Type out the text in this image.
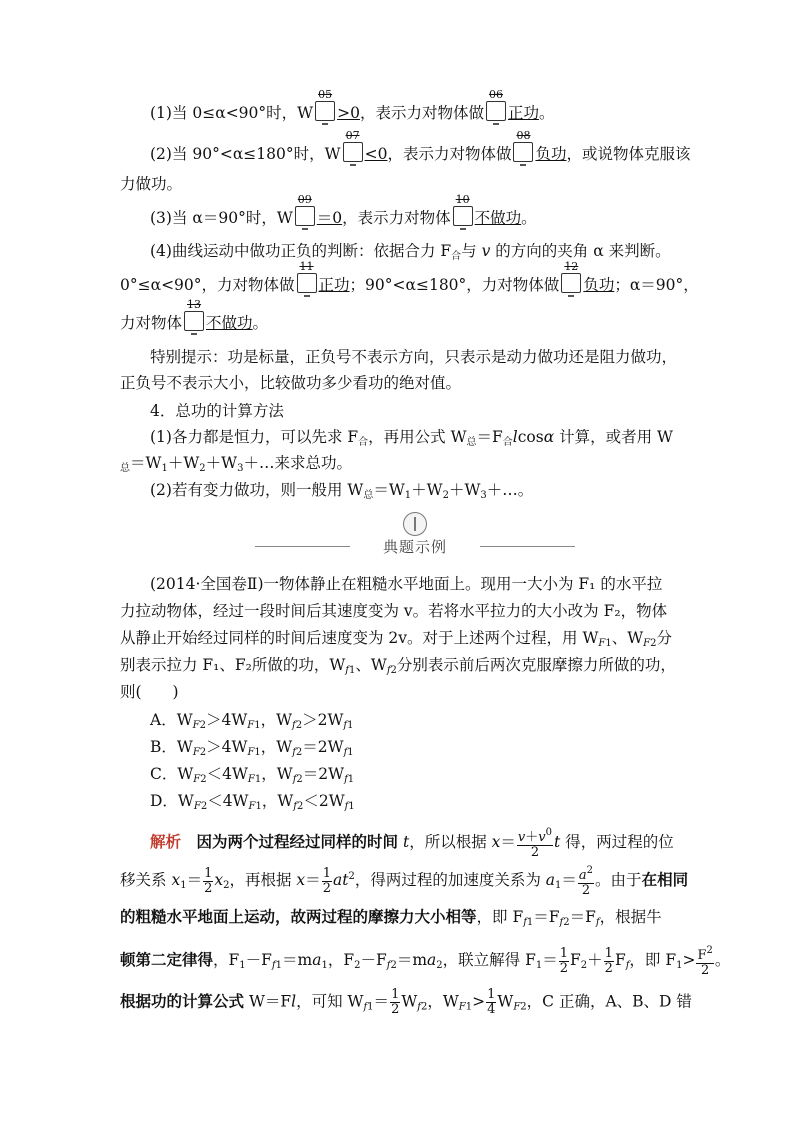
(1)当 0≤α<90°时，W
05
>0，表示力对物体做
06
正功。
(2)当 90°<α≤180°时，W
07
<0，表示力对物体做
08
负功，或说物体克服该
力做功。
(3)当 α＝90°时，W
09
＝0，表示力对物体
10
不做功。
(4)曲线运动中做功正负的判断：依据合力 $F_合$与 v 的方向的夹角 α 来判断。
0°≤α<90°，力对物体做
11
正功；90°<α≤180°，力对物体做
12
负功；α＝90°，
力对物体
13
不做功。
特别提示：功是标量，正负号不表示方向，只表示是动力做功还是阻力做功，
正负号不表示大小，比较做功多少看功的绝对值。
4．总功的计算方法
(1)各力都是恒力，可以先求 $F_合$，再用公式 $W_总=F_合lcos\alpha$ 计算，或者用 W
$_总=W_1+W_2+W_3+\dots$来求总功。
(2)若有变力做功，则一般用 $W_总=W_1+W_2+W_3+\dots$。
典题示例
(2014·全国卷Ⅱ)一物体静止在粗糙水平地面上。现用一大小为 F₁ 的水平拉
力拉动物体，经过一段时间后其速度变为 v。若将水平拉力的大小改为 F₂，物体
从静止开始经过同样的时间后速度变为 2v。对于上述两个过程，用 $W_{F1}$、$W_{F2}$分
别表示拉力 F₁、F₂所做的功，$W_{f1}$、$W_{f2}$分别表示前后两次克服摩擦力所做的功，
则(　　)
A．$W_{F2}>4W_{F1}$，$W_{f2}>2W_{f1}$
B．$W_{F2}>4W_{F1}$，$W_{f2}=2W_{f1}$
C．$W_{F2}<4W_{F1}$，$W_{f2}=2W_{f1}$
D．$W_{F2}<4W_{F1}$，$W_{f2}<2W_{f1}$
解析　 因为两个过程经过同样的时间 t，所以根据 $x= \frac{v+v^0}{2}$ t 得，两过程的位
移关系 $x_1= \frac{1}{2} x_2$，再根据 $x= \frac{1}{2} at^2$，得两过程的加速度关系为 $a_1= \frac{a^2}{2}$ 。由于在相同
的粗糙水平地面上运动，故两过程的摩擦力大小相等，即 $F_{f1}=F_{f2}=F_f$，根据牛
顿第二定律得，$F_1-F_{f1}=ma_1$，$F_2-F_{f2}=ma_2$，联立解得 $F_1= \frac{1}{2} F_2+ \frac{1}{2} F_f$，即 $F_1> \frac{F^2}{2}$ 。
根据功的计算公式 W＝Fl，可知 $W_{f1}= \frac{1}{2} W_{f2}$，$W_{F1}> \frac{1}{4} W_{F2}$，C 正确，A、B、D 错
